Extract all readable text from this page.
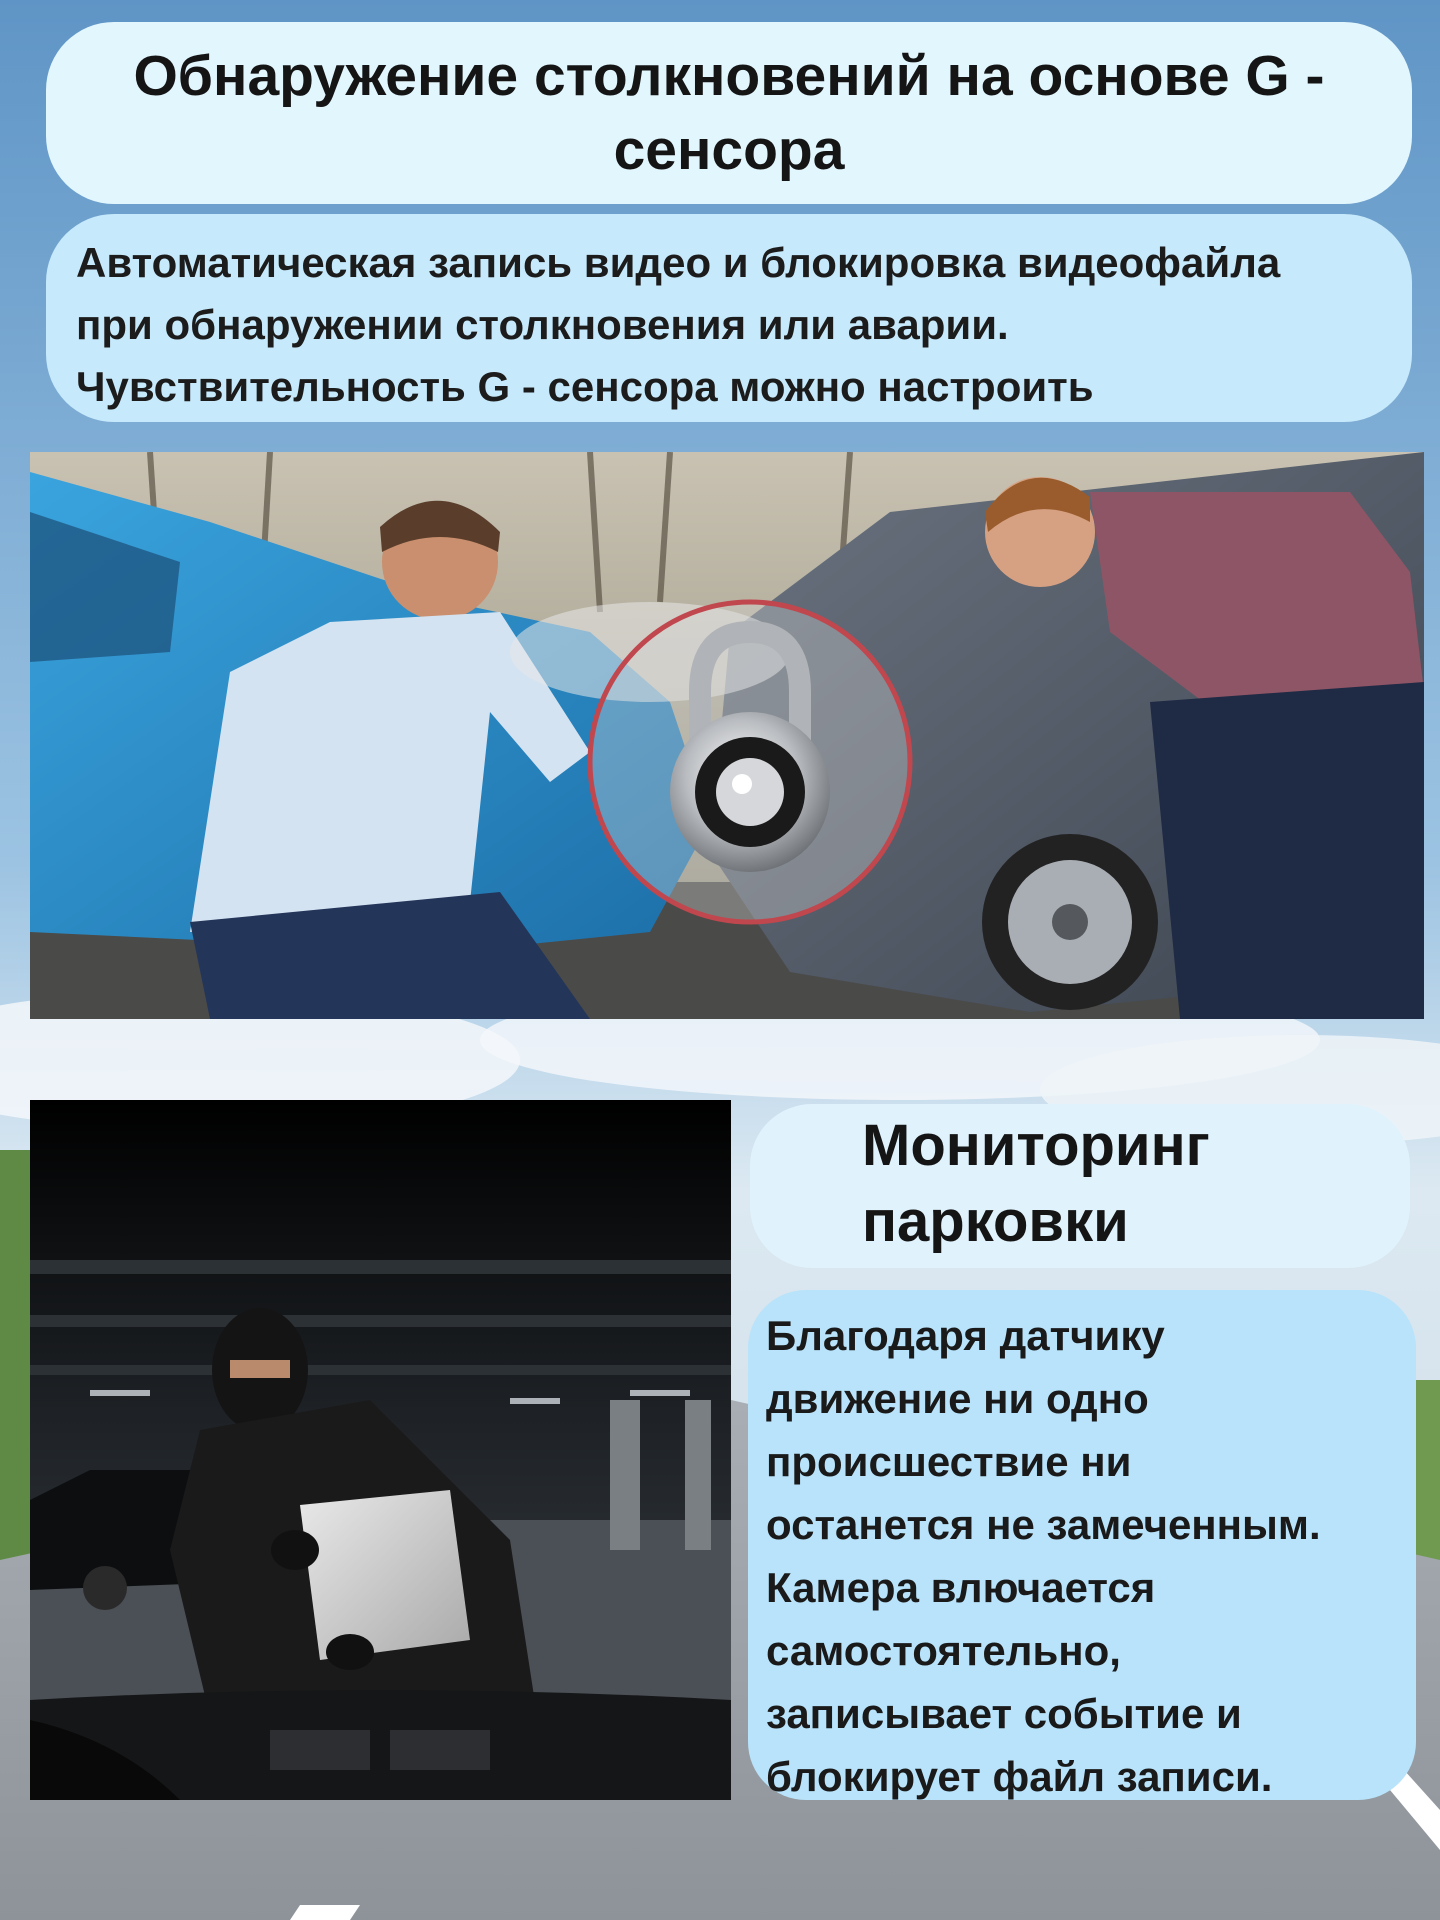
Обнаружение столкновений на основе G - сенсора

Автоматическая запись видео и блокировка видеофайла
при обнаружении столкновения или аварии.
Чувствительность G - сенсора можно настроить

Мониторинг
парковки

Благодаря датчику
движение ни одно
происшествие ни
останется не замеченным.
Камера влючается
самостоятельно,
записывает событие и
блокирует файл записи.
